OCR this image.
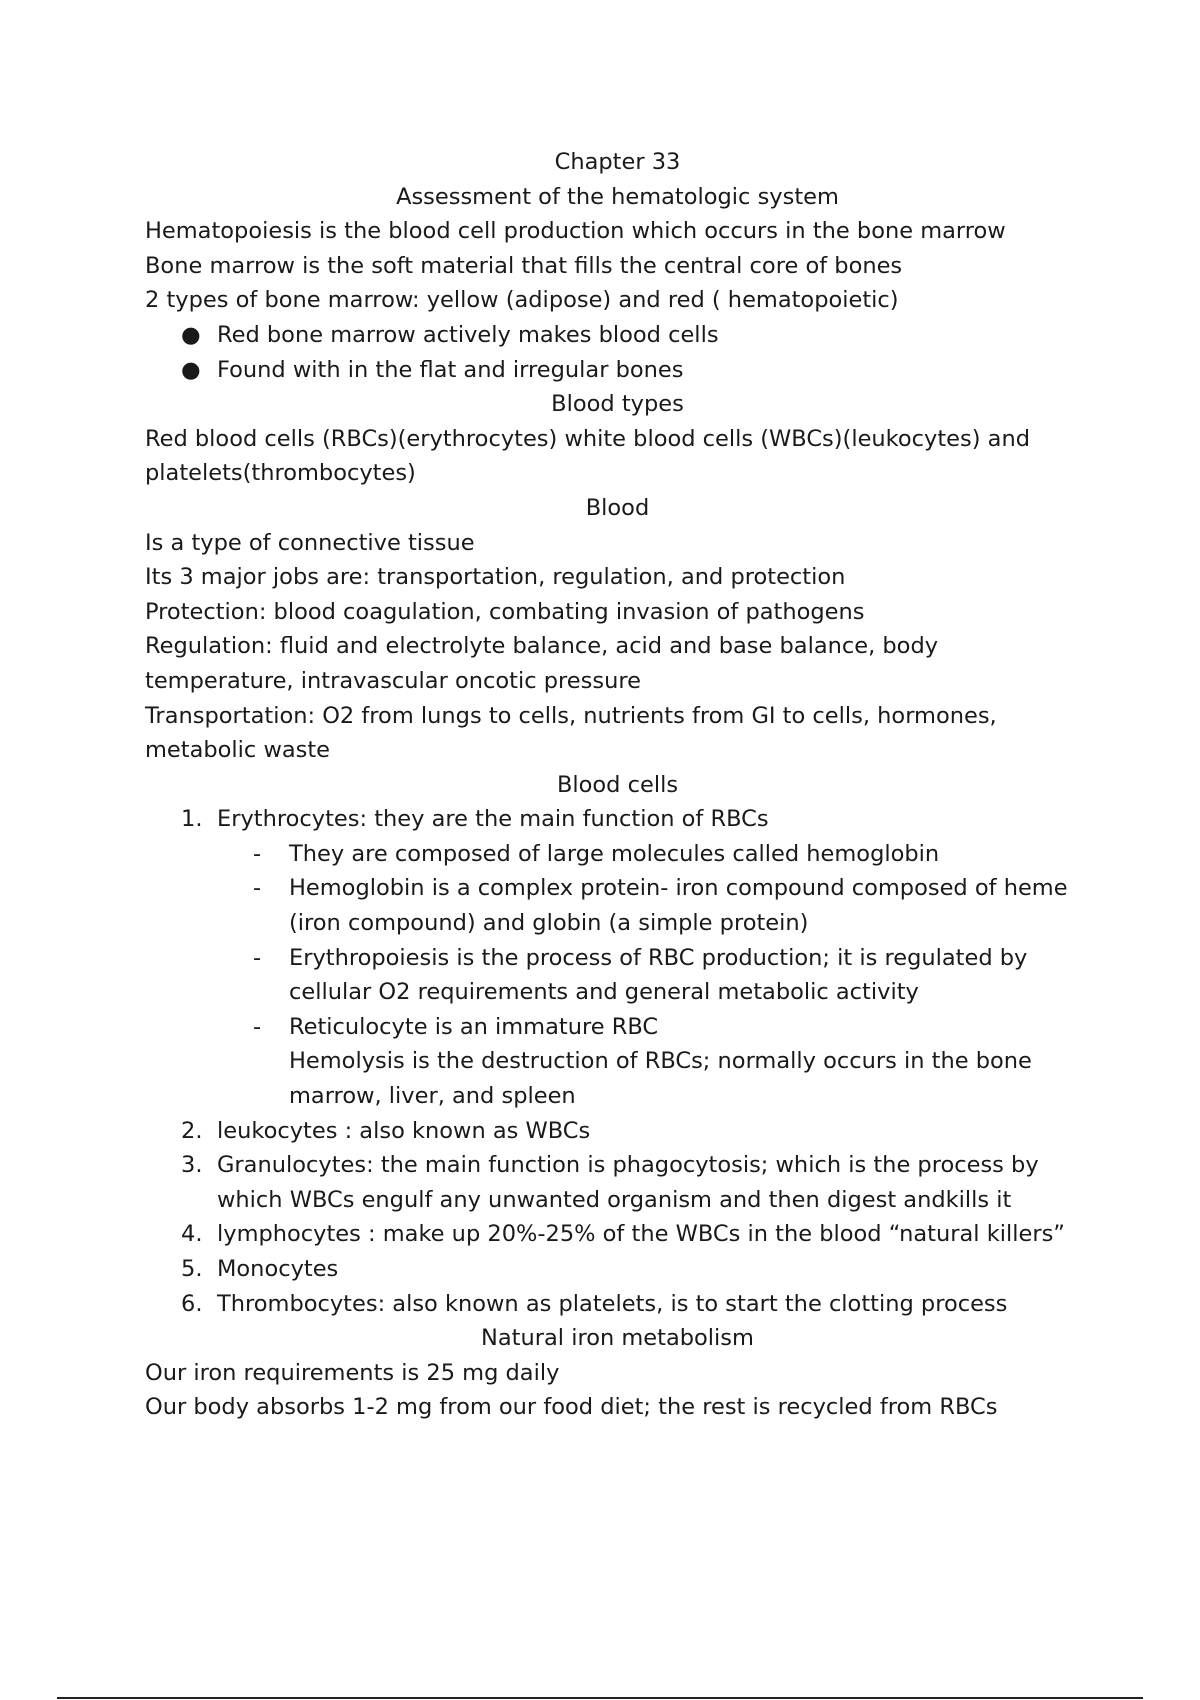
Chapter 33

Assessment of the hematologic system

Hematopoiesis is the blood cell production which occurs in the bone marrow

Bone marrow is the soft material that fills the central core of bones

2 types of bone marrow: yellow (adipose) and red ( hematopoietic)

● Red bone marrow actively makes blood cells
● Found with in the flat and irregular bones

Blood types

Red blood cells (RBCs)(erythrocytes) white blood cells (WBCs)(leukocytes) and platelets(thrombocytes)

Blood

Is a type of connective tissue

Its 3 major jobs are: transportation, regulation, and protection

Protection: blood coagulation, combating invasion of pathogens

Regulation: fluid and electrolyte balance, acid and base balance, body temperature, intravascular oncotic pressure

Transportation: O2 from lungs to cells, nutrients from GI to cells, hormones, metabolic waste

Blood cells

1. Erythrocytes: they are the main function of RBCs
- They are composed of large molecules called hemoglobin
- Hemoglobin is a complex protein- iron compound composed of heme (iron compound) and globin (a simple protein)
- Erythropoiesis is the process of RBC production; it is regulated by cellular O2 requirements and general metabolic activity
- Reticulocyte is an immature RBC

Hemolysis is the destruction of RBCs; normally occurs in the bone marrow, liver, and spleen

2. leukocytes : also known as WBCs
3. Granulocytes: the main function is phagocytosis; which is the process by which WBCs engulf any unwanted organism and then digest andkills it
4. lymphocytes : make up 20%-25% of the WBCs in the blood “natural killers”
5. Monocytes
6. Thrombocytes: also known as platelets, is to start the clotting process

Natural iron metabolism

Our iron requirements is 25 mg daily

Our body absorbs 1-2 mg from our food diet; the rest is recycled from RBCs
